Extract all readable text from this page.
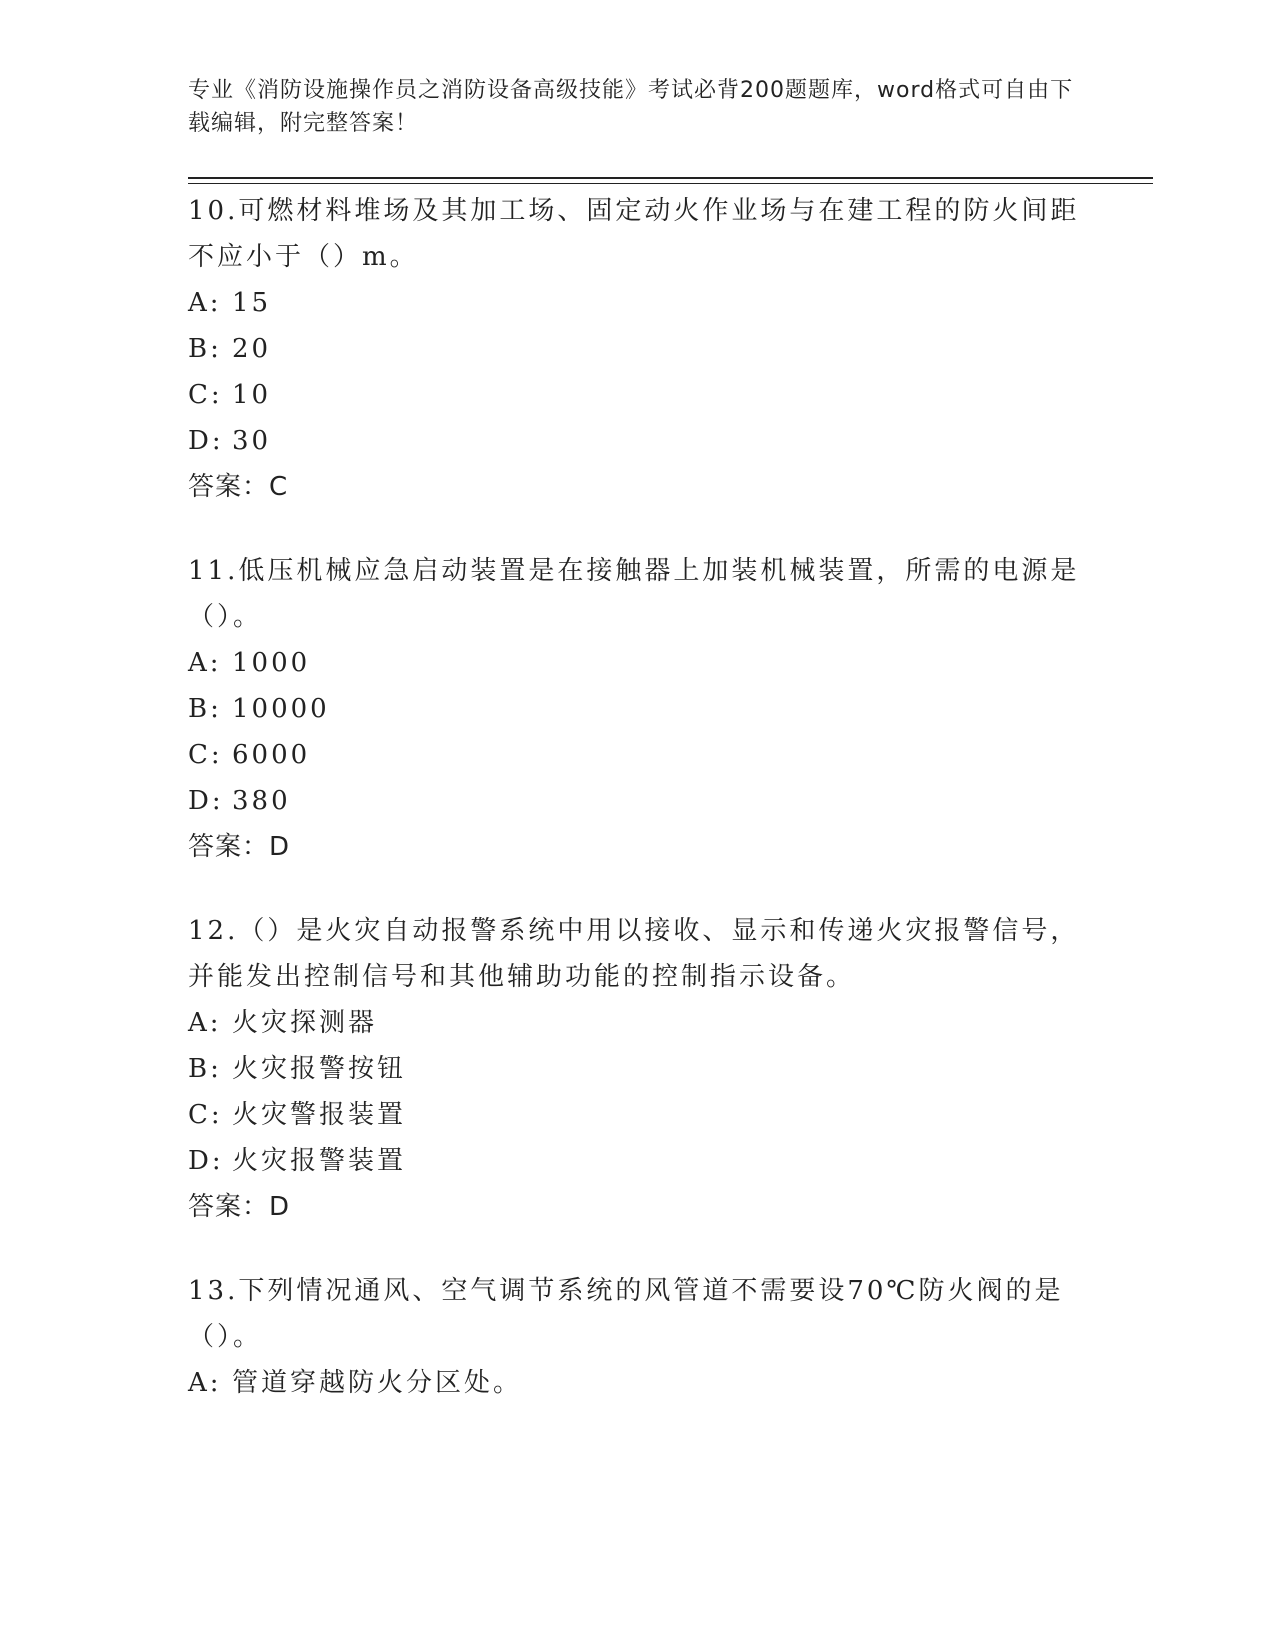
专业《消防设施操作员之消防设备高级技能》考试必背200题题库，word格式可自由下载编辑，附完整答案！
10.可燃材料堆场及其加工场、固定动火作业场与在建工程的防火间距不应小于（）m。
A: 15
B: 20
C: 10
D: 30
答案：C
11.低压机械应急启动装置是在接触器上加装机械装置，所需的电源是（）。
A: 1000
B: 10000
C: 6000
D: 380
答案：D
12.（）是火灾自动报警系统中用以接收、显示和传递火灾报警信号，并能发出控制信号和其他辅助功能的控制指示设备。
A: 火灾探测器
B: 火灾报警按钮
C: 火灾警报装置
D: 火灾报警装置
答案：D
13.下列情况通风、空气调节系统的风管道不需要设70℃防火阀的是（）。
A: 管道穿越防火分区处。
